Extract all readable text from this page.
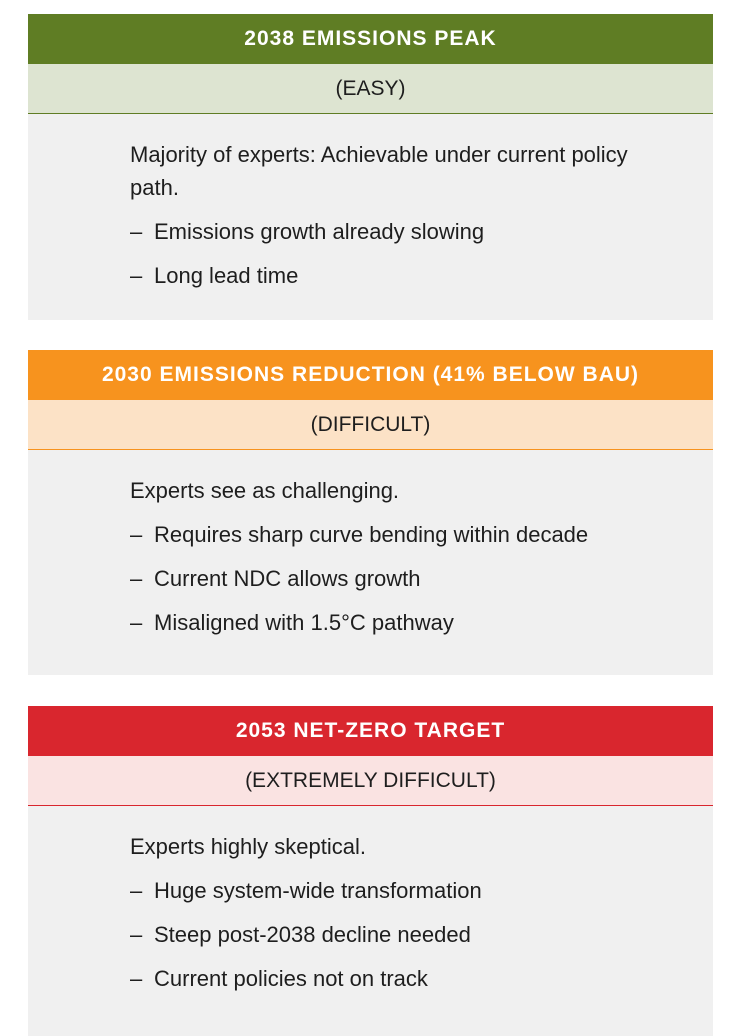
2038 EMISSIONS PEAK
(EASY)

Majority of experts: Achievable under current policy path.

– Emissions growth already slowing
– Long lead time
2030 EMISSIONS REDUCTION (41% BELOW BAU)
(DIFFICULT)

Experts see as challenging.

– Requires sharp curve bending within decade
– Current NDC allows growth
– Misaligned with 1.5°C pathway
2053 NET-ZERO TARGET
(EXTREMELY DIFFICULT)

Experts highly skeptical.

– Huge system-wide transformation
– Steep post-2038 decline needed
– Current policies not on track
